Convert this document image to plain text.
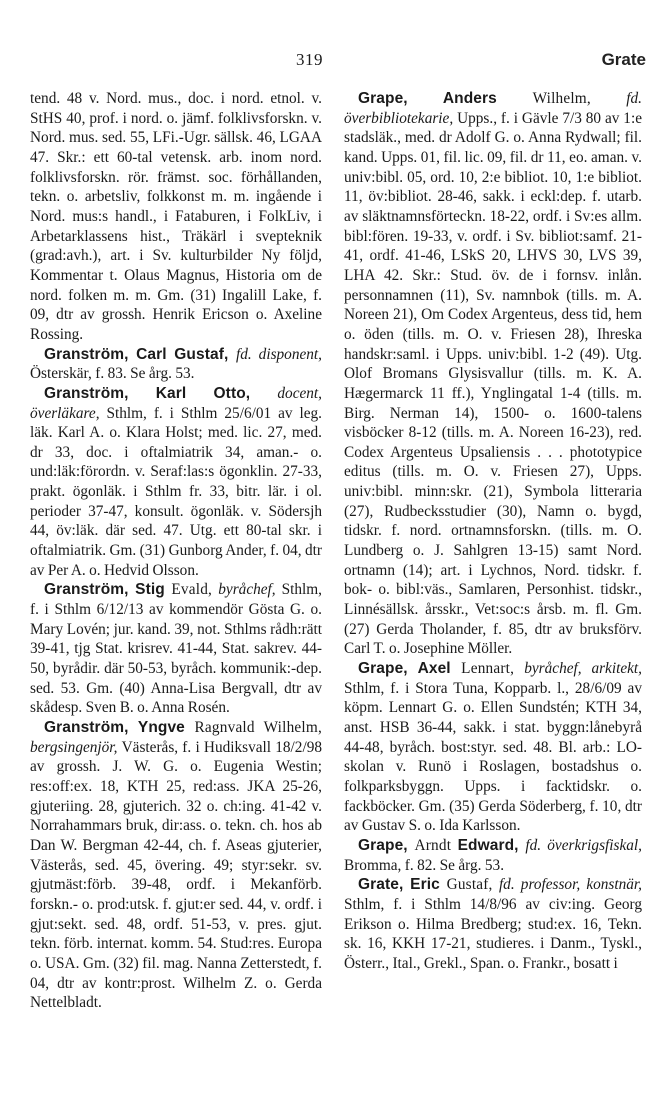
319	Grate

tend. 48 v. Nord. mus., doc. i nord. etnol. v. StHS 40, prof. i nord. o. jämf. folklivsforskn. v. Nord. mus. sed. 55, LFi.-Ugr. sällsk. 46, LGAA 47. Skr.: ett 60-tal vetensk. arb. inom nord. folklivsforskn. rör. främst. soc. förhållanden, tekn. o. arbetsliv, folkkonst m. m. ingående i Nord. mus:s handl., i Fataburen, i FolkLiv, i Arbetarklassens hist., Träkärl i svepteknik (grad:avh.), art. i Sv. kulturbilder Ny följd, Kommentar t. Olaus Magnus, Historia om de nord. folken m. m. Gm. (31) Ingalill Lake, f. 09, dtr av grossh. Henrik Ericson o. Axeline Rossing.

Granström, Carl Gustaf, fd. disponent, Österskär, f. 83. Se årg. 53.

Granström, Karl Otto, docent, överläkare, Sthlm, f. i Sthlm 25/6/01 av leg. läk. Karl A. o. Klara Holst; med. lic. 27, med. dr 33, doc. i oftalmiatrik 34, aman.- o. und:läk:förordn. v. Seraf:las:s ögonklin. 27-33, prakt. ögonläk. i Sthlm fr. 33, bitr. lär. i ol. perioder 37-47, konsult. ögonläk. v. Södersjh 44, öv:läk. där sed. 47. Utg. ett 80-tal skr. i oftalmiatrik. Gm. (31) Gunborg Ander, f. 04, dtr av Per A. o. Hedvid Olsson.

Granström, Stig Evald, byråchef, Sthlm, f. i Sthlm 6/12/13 av kommendör Gösta G. o. Mary Lovén; jur. kand. 39, not. Sthlms rådh:rätt 39-41, tjg Stat. krisrev. 41-44, Stat. sakrev. 44-50, byrådir. där 50-53, byråch. kommunik:-dep. sed. 53. Gm. (40) Anna-Lisa Bergvall, dtr av skådesp. Sven B. o. Anna Rosén.

Granström, Yngve Ragnvald Wilhelm, bergsingenjör, Västerås, f. i Hudiksvall 18/2/98 av grossh. J. W. G. o. Eugenia Westin; res:off:ex. 18, KTH 25, red:ass. JKA 25-26, gjuteriing. 28, gjuterich. 32 o. ch:ing. 41-42 v. Norrahammars bruk, dir:ass. o. tekn. ch. hos ab Dan W. Bergman 42-44, ch. f. Aseas gjuterier, Västerås, sed. 45, övering. 49; styr:sekr. sv. gjutmäst:förb. 39-48, ordf. i Mekanförb. forskn.- o. prod:utsk. f. gjut:er sed. 44, v. ordf. i gjut:sekt. sed. 48, ordf. 51-53, v. pres. gjut. tekn. förb. internat. komm. 54. Stud:res. Europa o. USA. Gm. (32) fil. mag. Nanna Zetterstedt, f. 04, dtr av kontr:prost. Wilhelm Z. o. Gerda Nettelbladt.

Grape, Anders Wilhelm, fd. överbibliotekarie, Upps., f. i Gävle 7/3 80 av 1:e stadsläk., med. dr Adolf G. o. Anna Rydwall; fil. kand. Upps. 01, fil. lic. 09, fil. dr 11, eo. aman. v. univ:bibl. 05, ord. 10, 2:e bibliot. 10, 1:e bibliot. 11, öv:bibliot. 28-46, sakk. i eckl:dep. f. utarb. av släktnamnsförteckn. 18-22, ordf. i Sv:es allm. bibl:fören. 19-33, v. ordf. i Sv. bibliot:samf. 21-41, ordf. 41-46, LSkS 20, LHVS 30, LVS 39, LHA 42. Skr.: Stud. öv. de i fornsv. inlån. personnamnen (11), Sv. namnbok (tills. m. A. Noreen 21), Om Codex Argenteus, dess tid, hem o. öden (tills. m. O. v. Friesen 28), Ihreska handskr:saml. i Upps. univ:bibl. 1-2 (49). Utg. Olof Bromans Glysisvallur (tills. m. K. A. Hægermarck 11 ff.), Ynglingatal 1-4 (tills. m. Birg. Nerman 14), 1500- o. 1600-talens visböcker 8-12 (tills. m. A. Noreen 16-23), red. Codex Argenteus Upsaliensis . . . phototypice editus (tills. m. O. v. Friesen 27), Upps. univ:bibl. minn:skr. (21), Symbola litteraria (27), Rudbecksstudier (30), Namn o. bygd, tidskr. f. nord. ortnamnsforskn. (tills. m. O. Lundberg o. J. Sahlgren 13-15) samt Nord. ortnamn (14); art. i Lychnos, Nord. tidskr. f. bok- o. bibl:väs., Samlaren, Personhist. tidskr., Linnésällsk. årsskr., Vet:soc:s årsb. m. fl. Gm. (27) Gerda Tholander, f. 85, dtr av bruksförv. Carl T. o. Josephine Möller.

Grape, Axel Lennart, byråchef, arkitekt, Sthlm, f. i Stora Tuna, Kopparb. l., 28/6/09 av köpm. Lennart G. o. Ellen Sundstén; KTH 34, anst. HSB 36-44, sakk. i stat. byggn:lånebyrå 44-48, byråch. bost:styr. sed. 48. Bl. arb.: LO-skolan v. Runö i Roslagen, bostadshus o. folkparksbyggn. Upps. i facktidskr. o. fackböcker. Gm. (35) Gerda Söderberg, f. 10, dtr av Gustav S. o. Ida Karlsson.

Grape, Arndt Edward, fd. överkrigsfiskal, Bromma, f. 82. Se årg. 53.

Grate, Eric Gustaf, fd. professor, konstnär, Sthlm, f. i Sthlm 14/8/96 av civ:ing. Georg Erikson o. Hilma Bredberg; stud:ex. 16, Tekn. sk. 16, KKH 17-21, studieres. i Danm., Tyskl., Österr., Ital., Grekl., Span. o. Frankr., bosatt i
